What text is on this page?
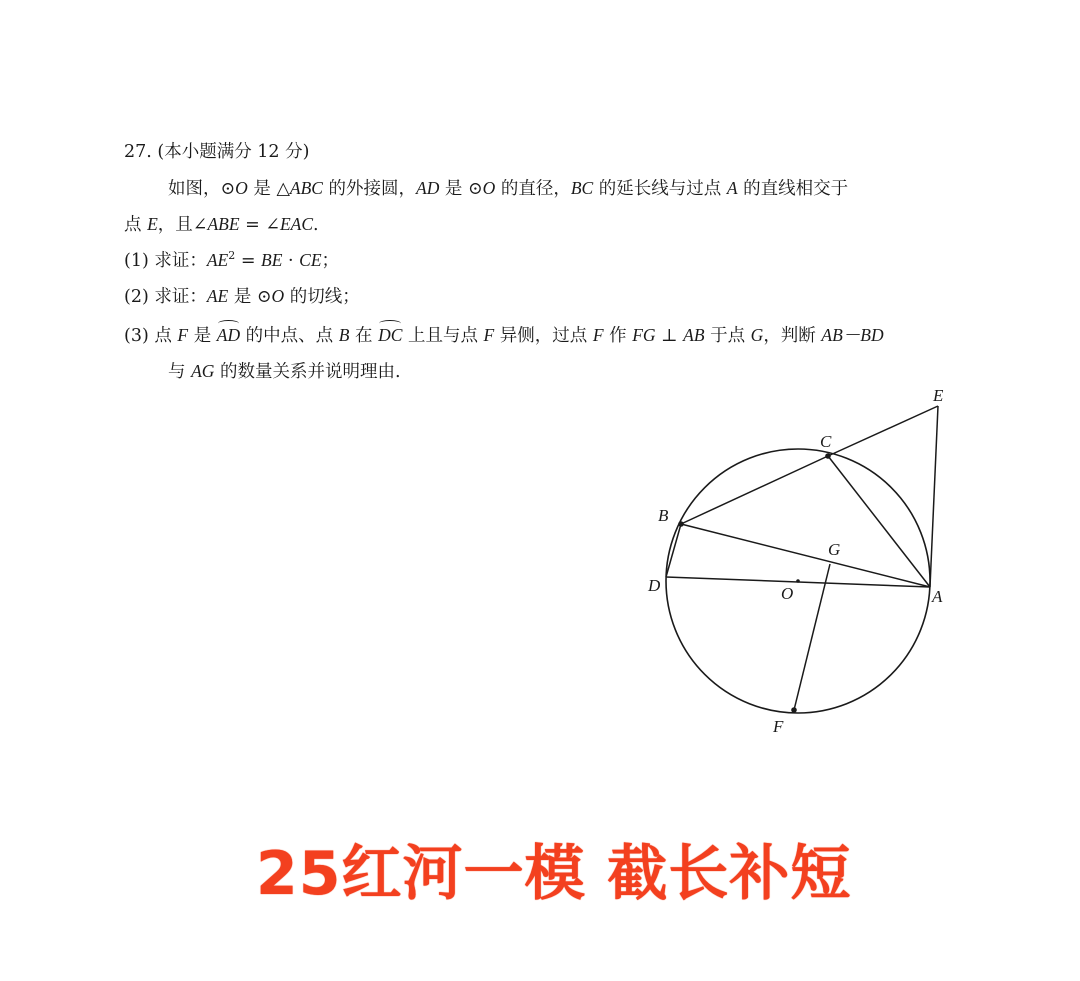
27. (本小题满分 12 分)
如图，⊙O 是 △ABC 的外接圆，AD 是 ⊙O 的直径，BC 的延长线与过点 A 的直线相交于
点 E，且∠ABE = ∠EAC.
(1) 求证：$AE^2$ = BE · CE；
(2) 求证：AE 是 ⊙O 的切线；
(3) 点 F 是 AD 的中点、点 B 在 DC 上且与点 F 异侧，过点 F 作 FG ⊥ AB 于点 G，判断 AB－BD
与 AG 的数量关系并说明理由.
E
C
B
G
D	O	A
F
25红河一模 截长补短
